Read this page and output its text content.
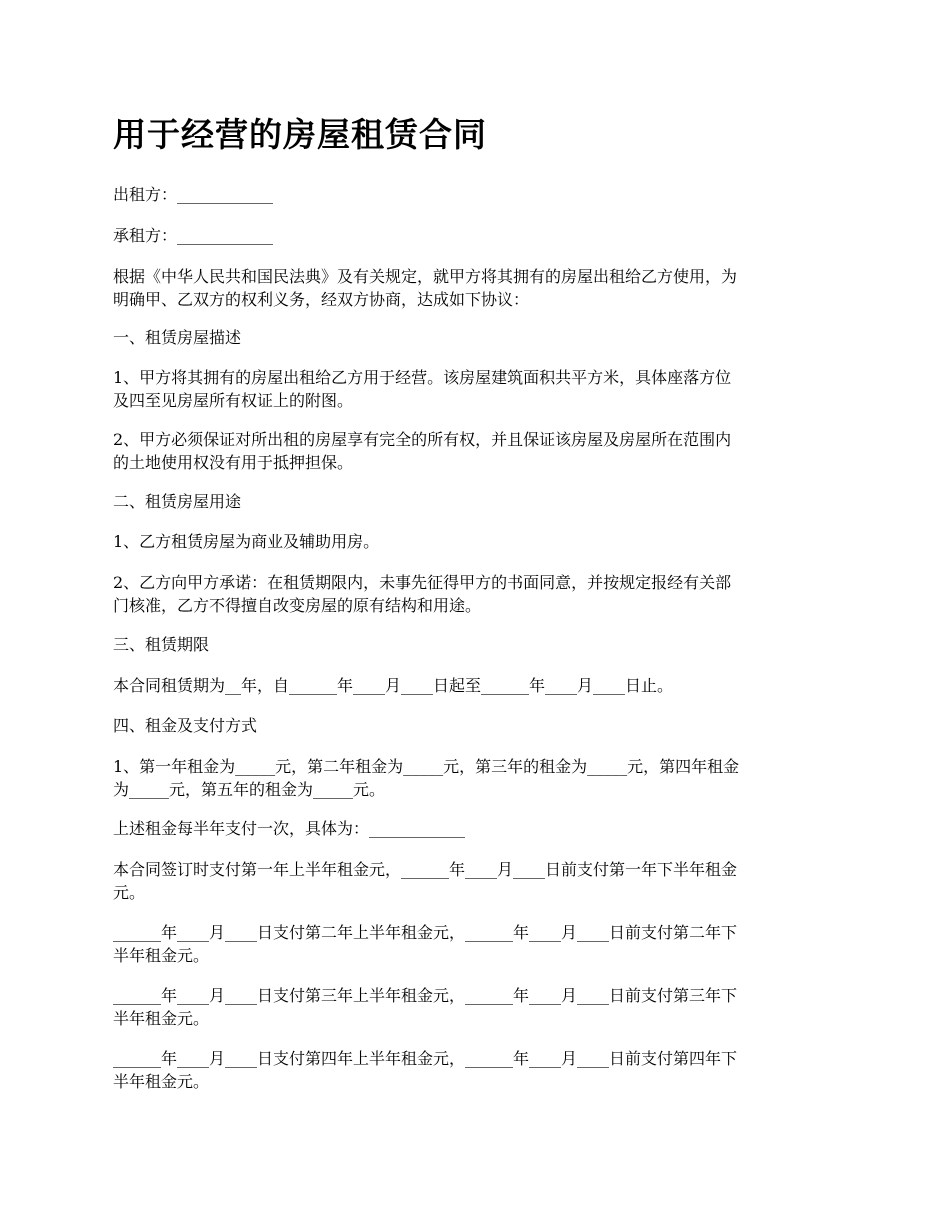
用于经营的房屋租赁合同

出租方：____________

承租方：____________

根据《中华人民共和国民法典》及有关规定，就甲方将其拥有的房屋出租给乙方使用，为
明确甲、乙双方的权利义务，经双方协商，达成如下协议：

一、租赁房屋描述

1、甲方将其拥有的房屋出租给乙方用于经营。该房屋建筑面积共平方米，具体座落方位
及四至见房屋所有权证上的附图。

2、甲方必须保证对所出租的房屋享有完全的所有权，并且保证该房屋及房屋所在范围内
的土地使用权没有用于抵押担保。

二、租赁房屋用途

1、乙方租赁房屋为商业及辅助用房。

2、乙方向甲方承诺：在租赁期限内，未事先征得甲方的书面同意，并按规定报经有关部
门核准，乙方不得擅自改变房屋的原有结构和用途。

三、租赁期限

本合同租赁期为__年，自______年____月____日起至______年____月____日止。

四、租金及支付方式

1、第一年租金为_____元，第二年租金为_____元，第三年的租金为_____元，第四年租金
为_____元，第五年的租金为_____元。

上述租金每半年支付一次，具体为：____________

本合同签订时支付第一年上半年租金元，______年____月____日前支付第一年下半年租金
元。

______年____月____日支付第二年上半年租金元，______年____月____日前支付第二年下
半年租金元。

______年____月____日支付第三年上半年租金元，______年____月____日前支付第三年下
半年租金元。

______年____月____日支付第四年上半年租金元，______年____月____日前支付第四年下
半年租金元。
